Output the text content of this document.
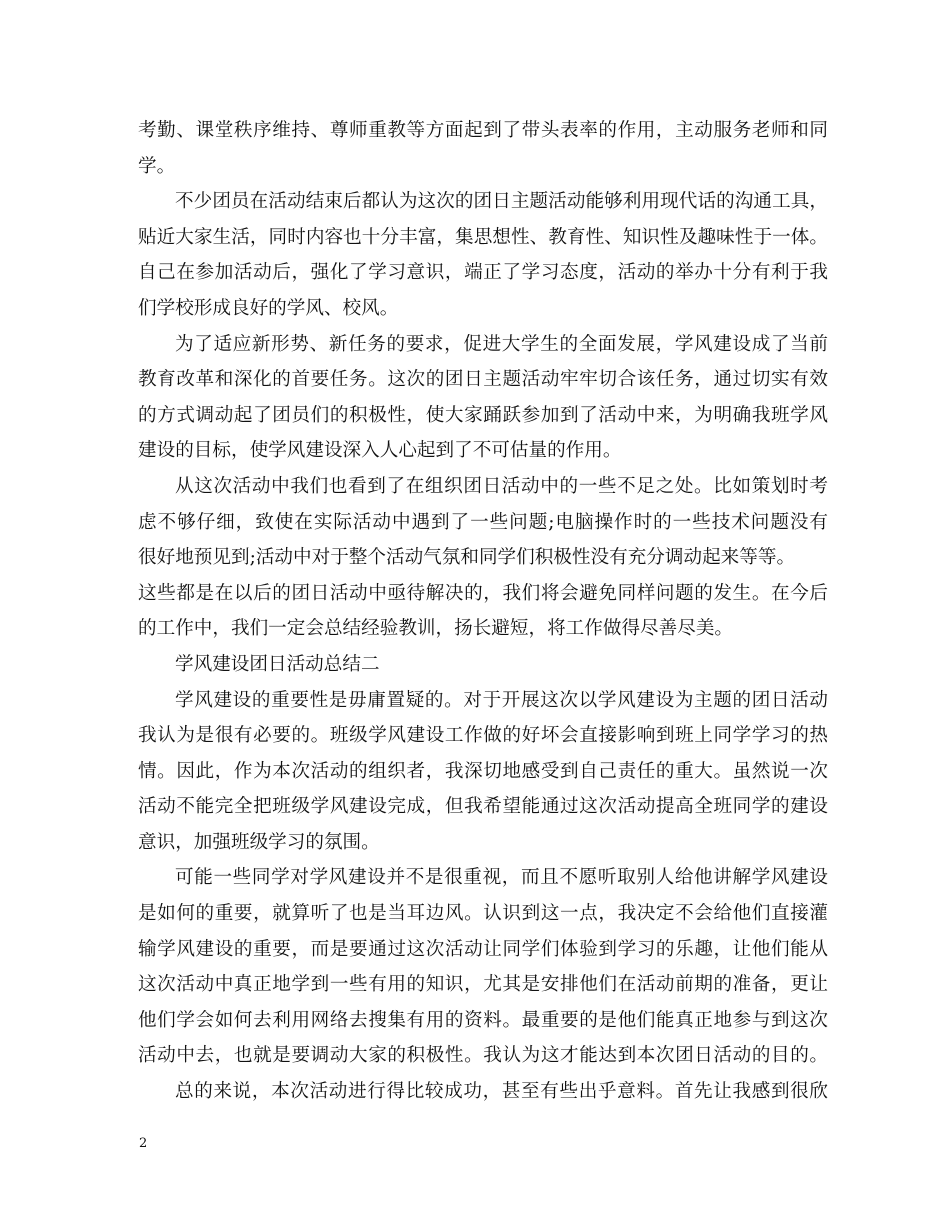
考勤、课堂秩序维持、尊师重教等方面起到了带头表率的作用，主动服务老师和同
学。
不少团员在活动结束后都认为这次的团日主题活动能够利用现代话的沟通工具，
贴近大家生活，同时内容也十分丰富，集思想性、教育性、知识性及趣味性于一体。
自己在参加活动后，强化了学习意识，端正了学习态度，活动的举办十分有利于我
们学校形成良好的学风、校风。
为了适应新形势、新任务的要求，促进大学生的全面发展，学风建设成了当前
教育改革和深化的首要任务。这次的团日主题活动牢牢切合该任务，通过切实有效
的方式调动起了团员们的积极性，使大家踊跃参加到了活动中来，为明确我班学风
建设的目标，使学风建设深入人心起到了不可估量的作用。
从这次活动中我们也看到了在组织团日活动中的一些不足之处。比如策划时考
虑不够仔细，致使在实际活动中遇到了一些问题;电脑操作时的一些技术问题没有
很好地预见到;活动中对于整个活动气氛和同学们积极性没有充分调动起来等等。
这些都是在以后的团日活动中亟待解决的，我们将会避免同样问题的发生。在今后
的工作中，我们一定会总结经验教训，扬长避短，将工作做得尽善尽美。
学风建设团日活动总结二
学风建设的重要性是毋庸置疑的。对于开展这次以学风建设为主题的团日活动
我认为是很有必要的。班级学风建设工作做的好坏会直接影响到班上同学学习的热
情。因此，作为本次活动的组织者，我深切地感受到自己责任的重大。虽然说一次
活动不能完全把班级学风建设完成，但我希望能通过这次活动提高全班同学的建设
意识，加强班级学习的氛围。
可能一些同学对学风建设并不是很重视，而且不愿听取别人给他讲解学风建设
是如何的重要，就算听了也是当耳边风。认识到这一点，我决定不会给他们直接灌
输学风建设的重要，而是要通过这次活动让同学们体验到学习的乐趣，让他们能从
这次活动中真正地学到一些有用的知识，尤其是安排他们在活动前期的准备，更让
他们学会如何去利用网络去搜集有用的资料。最重要的是他们能真正地参与到这次
活动中去，也就是要调动大家的积极性。我认为这才能达到本次团日活动的目的。
总的来说，本次活动进行得比较成功，甚至有些出乎意料。首先让我感到很欣
2
